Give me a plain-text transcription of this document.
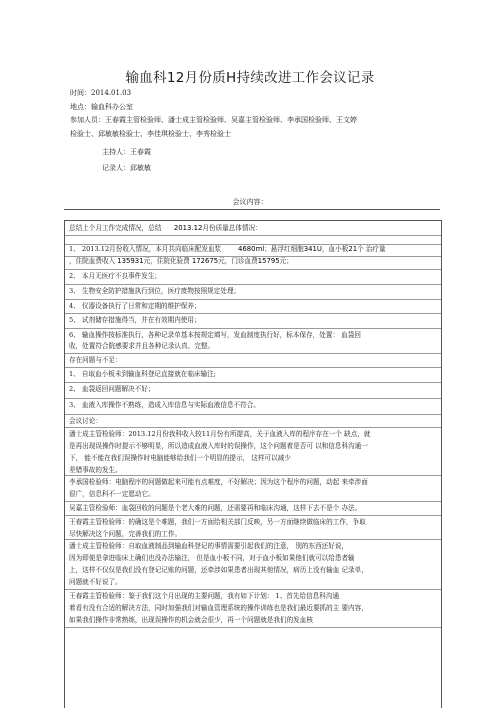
输血科12月份质H持续改进工作会议记录
时间：2014.01.03
地点：输血科办公室
参加人员：王春霞主管检验师、潘士成主管检验师、吴嘉主管检验师、李承国检验师、王文婷
检验士、邱敏敏检验士、李佳琪检验士、李秀检验士
主持人：王春霞
记录人：邱敏敏
会议内容：
总结上个月工作完成情况，总结 2013.12月份质量总体情况：
1、 2013.12月份收入情况，本月共向临床配发血浆 4680ml；悬浮红细胞341U，血小板21个 治疗量
，住院血费收入 135931元，住院化验费 172675元，门诊血费15795元；
2、 本月无医疗不良事件发生；
3、 生物安全防护措施执行到位，医疗废物按照规定处理；
4、 仪器设备执行了日常和定期的维护保养；
5、 试剂储存措施得当，并在有效期内使用；
6、 输血操作按标准执行，各种记录单基本按规定填写，发血制度执行好，标本保存，处置： 血袋回
收，处置符合院感要求并且各种记录认真、完整。
存在问题与不足：
1、 自取血小板未到输血科登记直接就在临床输注;
2、 血袋返回问题解决不好；
3、 血液入库操作不熟练，造成入库信息与实际血液信息不符合。
会议讨论：
潘士成主管检验师：2013.12月份我科收入较11月份有所提高，关于血液入库的程序存在一个 缺点，就
是再出现误操作时提示不够明显，所以造成血液入库时的误操作，这个问题着是否可 以和信息科沟通一
下， 能不能在我们误操作时电脑能够给我们一个明显的提示， 这样可以减少
差错事故的发生。
李承国检验师：电脑程序的问题做起来可能有点难度，不好解决；因为这个程序的问题，动起 来牵涉面
很广，信息科不一定愿动它。
吴嘉主管检验师：血袋回收的问题是个老大难的问题，还需要再和临床沟通，这样下去不是个 办法。
王春霞主管检验师：的确这是个难题，我们一方面给相关部门反映，另一方面继续做临床的工作，争取
尽快解决这个问题，完善我们的工作。
潘士成主管检验师：自取血液制品到输血科登记的事情需要引起我们的注意， 别的东西还好说，
因为即便是拿进临床上确们也没办法输注， 但是血小板不同，对于血小板如果他们就可以给患者输
上，这样不仅仅是我们没有登记记账的问题，还牵涉如果患者出现其他情况，病历上没有输血 记录单，
问题就不好说了。
王春霞主管检验师：鉴于我们这个月出现的主要问题，我有如下计划： 1、首先给信息科沟通
着看有没有合适的解决方法，同时加强我们对输血管理系统的操作训练也是我们最近要抓的主 要内容，
如果我们操作非常熟练，出现误操作的机会就会很少，再一个问题就是我们的发血核
